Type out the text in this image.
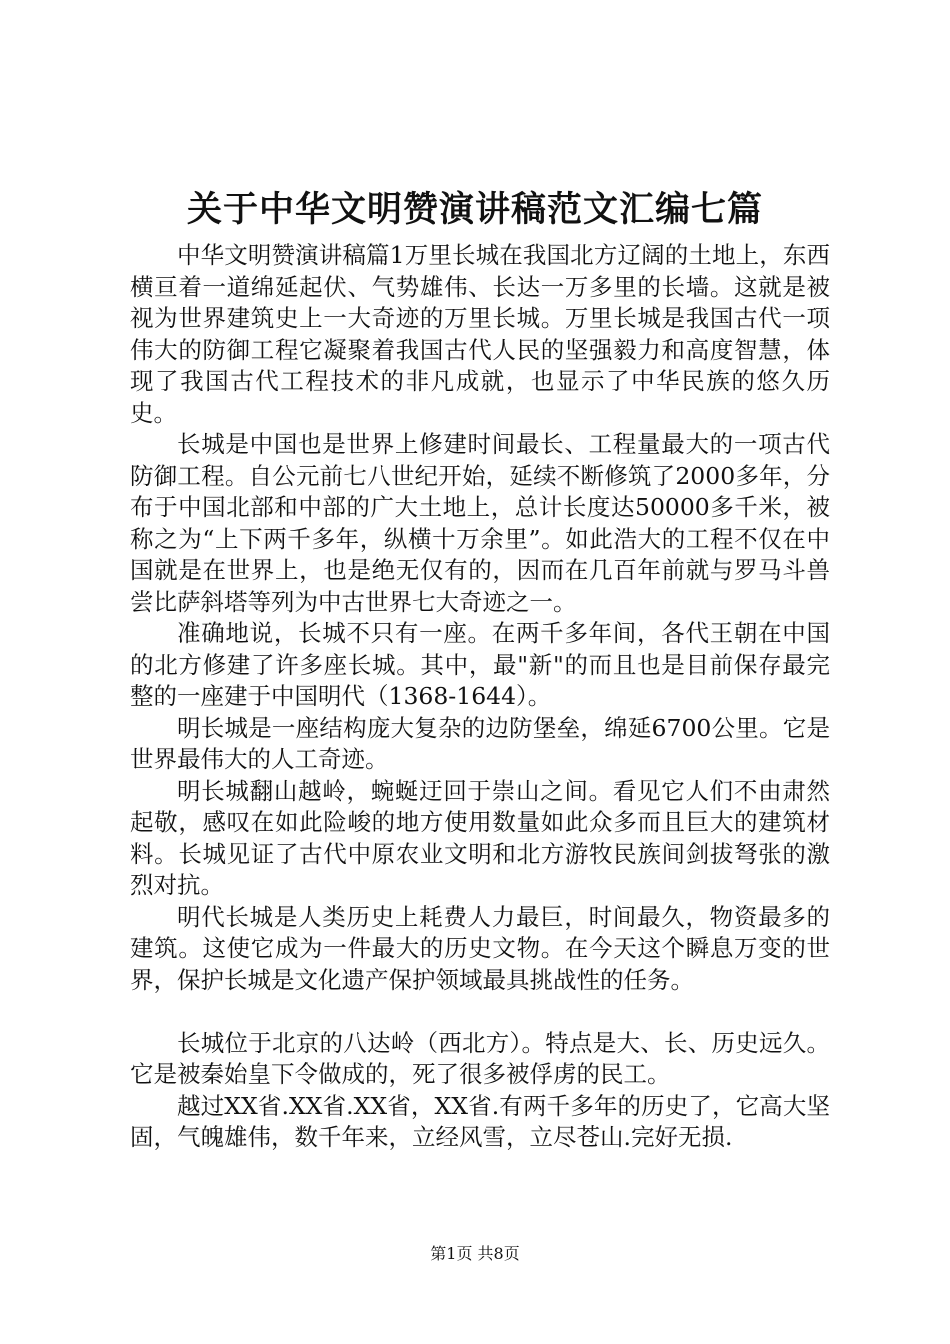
关于中华文明赞演讲稿范文汇编七篇

中华文明赞演讲稿篇1万里长城在我国北方辽阔的土地上，东西横亘着一道绵延起伏、气势雄伟、长达一万多里的长墙。这就是被视为世界建筑史上一大奇迹的万里长城。万里长城是我国古代一项伟大的防御工程它凝聚着我国古代人民的坚强毅力和高度智慧，体现了我国古代工程技术的非凡成就，也显示了中华民族的悠久历史。

长城是中国也是世界上修建时间最长、工程量最大的一项古代防御工程。自公元前七八世纪开始，延续不断修筑了2000多年，分布于中国北部和中部的广大土地上，总计长度达50000多千米，被称之为“上下两千多年，纵横十万余里”。如此浩大的工程不仅在中国就是在世界上，也是绝无仅有的，因而在几百年前就与罗马斗兽尝比萨斜塔等列为中古世界七大奇迹之一。

准确地说，长城不只有一座。在两千多年间，各代王朝在中国的北方修建了许多座长城。其中，最"新"的而且也是目前保存最完整的一座建于中国明代（1368-1644）。

明长城是一座结构庞大复杂的边防堡垒，绵延6700公里。它是世界最伟大的人工奇迹。

明长城翻山越岭，蜿蜒迂回于崇山之间。看见它人们不由肃然起敬，感叹在如此险峻的地方使用数量如此众多而且巨大的建筑材料。长城见证了古代中原农业文明和北方游牧民族间剑拔弩张的激烈对抗。

明代长城是人类历史上耗费人力最巨，时间最久，物资最多的建筑。这使它成为一件最大的历史文物。在今天这个瞬息万变的世界，保护长城是文化遗产保护领域最具挑战性的任务。

长城位于北京的八达岭（西北方）。特点是大、长、历史远久。它是被秦始皇下令做成的，死了很多被俘虏的民工。

越过XX省.XX省.XX省，XX省.有两千多年的历史了，它高大坚固，气魄雄伟，数千年来，立经风雪，立尽苍山.完好无损.

第1页 共8页
